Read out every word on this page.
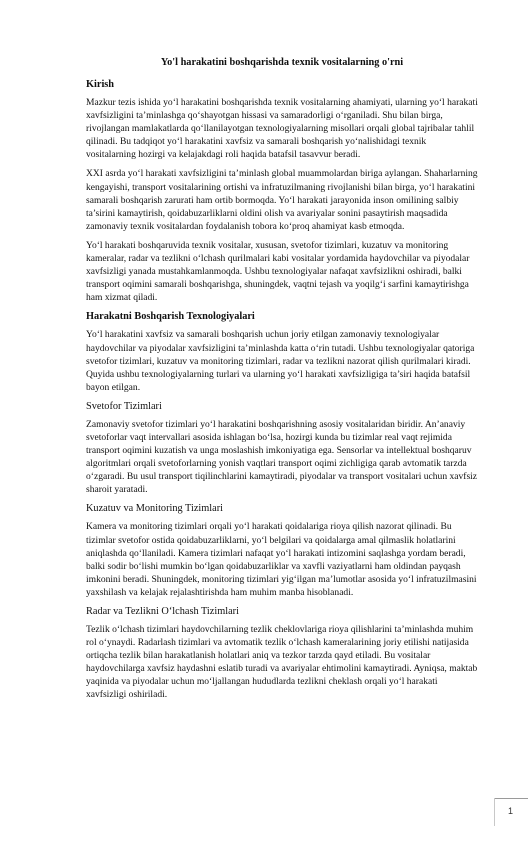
Yo'l harakatini boshqarishda texnik vositalarning o'rni
Kirish
Mazkur tezis ishida yo‘l harakatini boshqarishda texnik vositalarning ahamiyati, ularning yo‘l harakati xavfsizligini ta’minlashga qo‘shayotgan hissasi va samaradorligi o‘rganiladi. Shu bilan birga, rivojlangan mamlakatlarda qo‘llanilayotgan texnologiyalarning misollari orqali global tajribalar tahlil qilinadi. Bu tadqiqot yo‘l harakatini xavfsiz va samarali boshqarish yo‘nalishidagi texnik vositalarning hozirgi va kelajakdagi roli haqida batafsil tasavvur beradi.
XXI asrda yo‘l harakati xavfsizligini ta’minlash global muammolardan biriga aylangan. Shaharlarning kengayishi, transport vositalarining ortishi va infratuzilmaning rivojlanishi bilan birga, yo‘l harakatini samarali boshqarish zarurati ham ortib bormoqda. Yo‘l harakati jarayonida inson omilining salbiy ta’sirini kamaytirish, qoidabuzarliklarni oldini olish va avariyalar sonini pasaytirish maqsadida zamonaviy texnik vositalardan foydalanish tobora ko‘proq ahamiyat kasb etmoqda.
Yo‘l harakati boshqaruvida texnik vositalar, xususan, svetofor tizimlari, kuzatuv va monitoring kameralar, radar va tezlikni o‘lchash qurilmalari kabi vositalar yordamida haydovchilar va piyodalar xavfsizligi yanada mustahkamlanmoqda. Ushbu texnologiyalar nafaqat xavfsizlikni oshiradi, balki transport oqimini samarali boshqarishga, shuningdek, vaqtni tejash va yoqilg‘i sarfini kamaytirishga ham xizmat qiladi.
Harakatni Boshqarish Texnologiyalari
Yo‘l harakatini xavfsiz va samarali boshqarish uchun joriy etilgan zamonaviy texnologiyalar haydovchilar va piyodalar xavfsizligini ta’minlashda katta o‘rin tutadi. Ushbu texnologiyalar qatoriga svetofor tizimlari, kuzatuv va monitoring tizimlari, radar va tezlikni nazorat qilish qurilmalari kiradi. Quyida ushbu texnologiyalarning turlari va ularning yo‘l harakati xavfsizligiga ta’siri haqida batafsil bayon etilgan.
Svetofor Tizimlari
Zamonaviy svetofor tizimlari yo‘l harakatini boshqarishning asosiy vositalaridan biridir. An’anaviy svetoforlar vaqt intervallari asosida ishlagan bo‘lsa, hozirgi kunda bu tizimlar real vaqt rejimida transport oqimini kuzatish va unga moslashish imkoniyatiga ega. Sensorlar va intellektual boshqaruv algoritmlari orqali svetoforlarning yonish vaqtlari transport oqimi zichligiga qarab avtomatik tarzda o‘zgaradi. Bu usul transport tiqilinchlarini kamaytiradi, piyodalar va transport vositalari uchun xavfsiz sharoit yaratadi.
Kuzatuv va Monitoring Tizimlari
Kamera va monitoring tizimlari orqali yo‘l harakati qoidalariga rioya qilish nazorat qilinadi. Bu tizimlar svetofor ostida qoidabuzarliklarni, yo‘l belgilari va qoidalarga amal qilmaslik holatlarini aniqlashda qo‘llaniladi. Kamera tizimlari nafaqat yo‘l harakati intizomini saqlashga yordam beradi, balki sodir bo‘lishi mumkin bo‘lgan qoidabuzarliklar va xavfli vaziyatlarni ham oldindan payqash imkonini beradi. Shuningdek, monitoring tizimlari yig‘ilgan ma’lumotlar asosida yo‘l infratuzilmasini yaxshilash va kelajak rejalashtirishda ham muhim manba hisoblanadi.
Radar va Tezlikni O‘lchash Tizimlari
Tezlik o‘lchash tizimlari haydovchilarning tezlik cheklovlariga rioya qilishlarini ta’minlashda muhim rol o‘ynaydi. Radarlash tizimlari va avtomatik tezlik o‘lchash kameralarining joriy etilishi natijasida ortiqcha tezlik bilan harakatlanish holatlari aniq va tezkor tarzda qayd etiladi. Bu vositalar haydovchilarga xavfsiz haydashni eslatib turadi va avariyalar ehtimolini kamaytiradi. Ayniqsa, maktab yaqinida va piyodalar uchun mo‘ljallangan hududlarda tezlikni cheklash orqali yo‘l harakati xavfsizligi oshiriladi.
1
